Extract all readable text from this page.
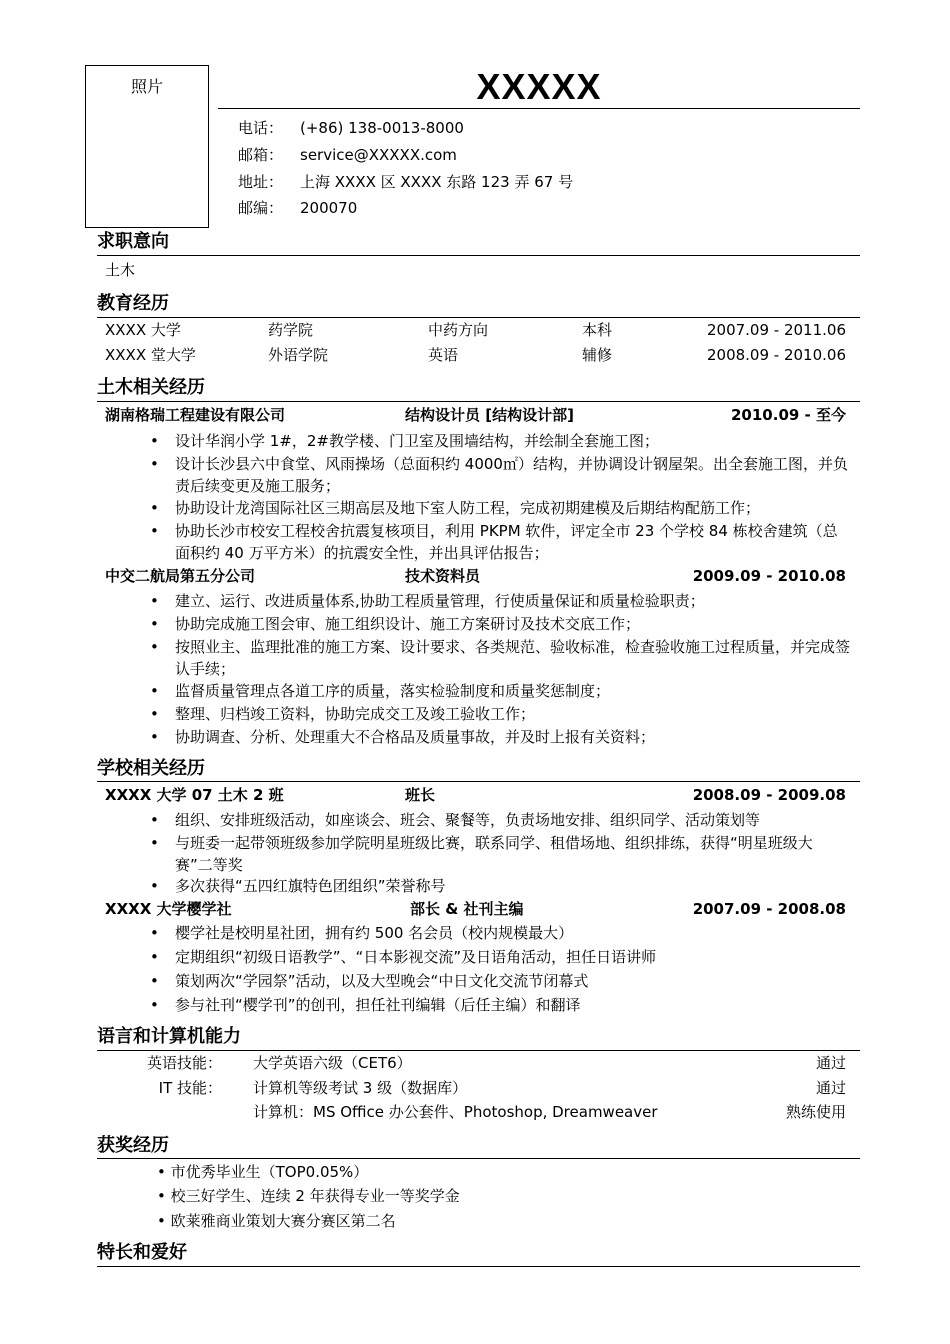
照片	XXXXX
电话： (+86) 138-0013-8000
邮箱： service@XXXXX.com
地址： 上海 XXXX 区 XXXX 东路 123 弄 67 号
邮编： 200070
求职意向
土木
教育经历
XXXX 大学	药学院	中药方向	本科	2007.09 - 2011.06
XXXX 堂大学	外语学院	英语	辅修	2008.09 - 2010.06
土木相关经历
湖南格瑞工程建设有限公司	结构设计员 [结构设计部]	2010.09 - 至今
•	设计华润小学 1#，2#教学楼、门卫室及围墙结构，并绘制全套施工图；
•	设计长沙县六中食堂、风雨操场（总面积约 4000㎡）结构，并协调设计钢屋架。出全套施工图，并负责后续变更及施工服务；
•	协助设计龙湾国际社区三期高层及地下室人防工程，完成初期建模及后期结构配筋工作；
•	协助长沙市校安工程校舍抗震复核项目，利用 PKPM 软件，评定全市 23 个学校 84 栋校舍建筑（总面积约 40 万平方米）的抗震安全性，并出具评估报告；
中交二航局第五分公司	技术资料员	2009.09 - 2010.08
•	建立、运行、改进质量体系,协助工程质量管理，行使质量保证和质量检验职责；
•	协助完成施工图会审、施工组织设计、施工方案研讨及技术交底工作；
•	按照业主、监理批准的施工方案、设计要求、各类规范、验收标准，检查验收施工过程质量，并完成签认手续；
•	监督质量管理点各道工序的质量，落实检验制度和质量奖惩制度；
•	整理、归档竣工资料，协助完成交工及竣工验收工作；
•	协助调查、分析、处理重大不合格品及质量事故，并及时上报有关资料；
学校相关经历
XXXX 大学 07 土木 2 班	班长	2008.09 - 2009.08
•	组织、安排班级活动，如座谈会、班会、聚餐等，负责场地安排、组织同学、活动策划等
•	与班委一起带领班级参加学院明星班级比赛，联系同学、租借场地、组织排练，获得“明星班级大赛”二等奖
•	多次获得“五四红旗特色团组织”荣誉称号
XXXX 大学樱学社	部长 & 社刊主编	2007.09 - 2008.08
•	樱学社是校明星社团，拥有约 500 名会员（校内规模最大）
•	定期组织“初级日语教学”、“日本影视交流”及日语角活动，担任日语讲师
•	策划两次“学园祭”活动，以及大型晚会“中日文化交流节闭幕式
•	参与社刊“樱学刊”的创刊，担任社刊编辑（后任主编）和翻译
语言和计算机能力
英语技能： 大学英语六级（CET6）	通过
IT 技能： 计算机等级考试 3 级（数据库）	通过
计算机：MS Office 办公套件、Photoshop, Dreamweaver	熟练使用
获奖经历
• 市优秀毕业生（TOP0.05%）
• 校三好学生、连续 2 年获得专业一等奖学金
• 欧莱雅商业策划大赛分赛区第二名
特长和爱好
